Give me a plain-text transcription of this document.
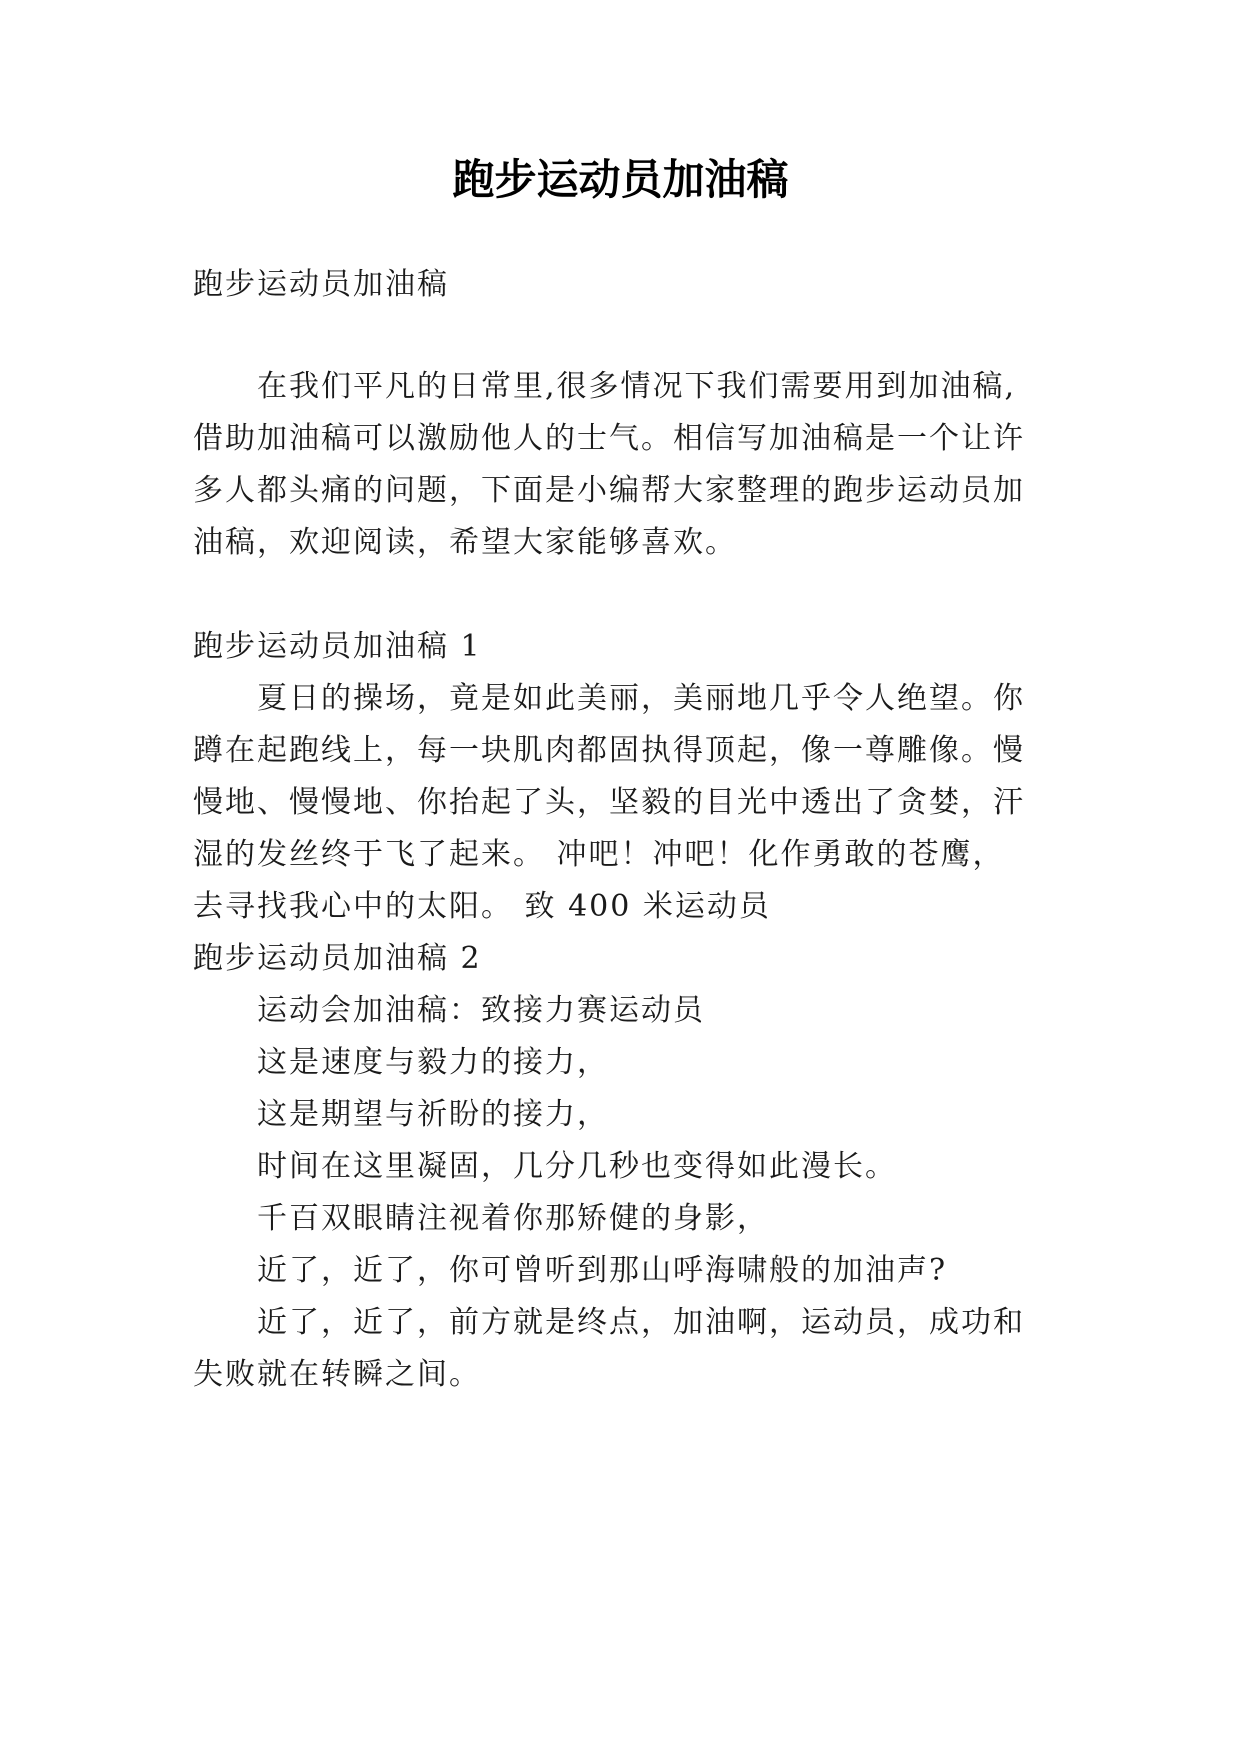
跑步运动员加油稿
跑步运动员加油稿
在我们平凡的日常里,很多情况下我们需要用到加油稿,
借助加油稿可以激励他人的士气。相信写加油稿是一个让许
多人都头痛的问题，下面是小编帮大家整理的跑步运动员加
油稿，欢迎阅读，希望大家能够喜欢。
跑步运动员加油稿 1
夏日的操场，竟是如此美丽，美丽地几乎令人绝望。你
蹲在起跑线上，每一块肌肉都固执得顶起，像一尊雕像。慢
慢地、慢慢地、你抬起了头，坚毅的目光中透出了贪婪，汗
湿的发丝终于飞了起来。 冲吧！冲吧！化作勇敢的苍鹰，
去寻找我心中的太阳。 致 400 米运动员
跑步运动员加油稿 2
运动会加油稿：致接力赛运动员
这是速度与毅力的接力，
这是期望与祈盼的接力，
时间在这里凝固，几分几秒也变得如此漫长。
千百双眼睛注视着你那矫健的身影，
近了，近了，你可曾听到那山呼海啸般的加油声?
近了，近了，前方就是终点，加油啊，运动员，成功和
失败就在转瞬之间。
